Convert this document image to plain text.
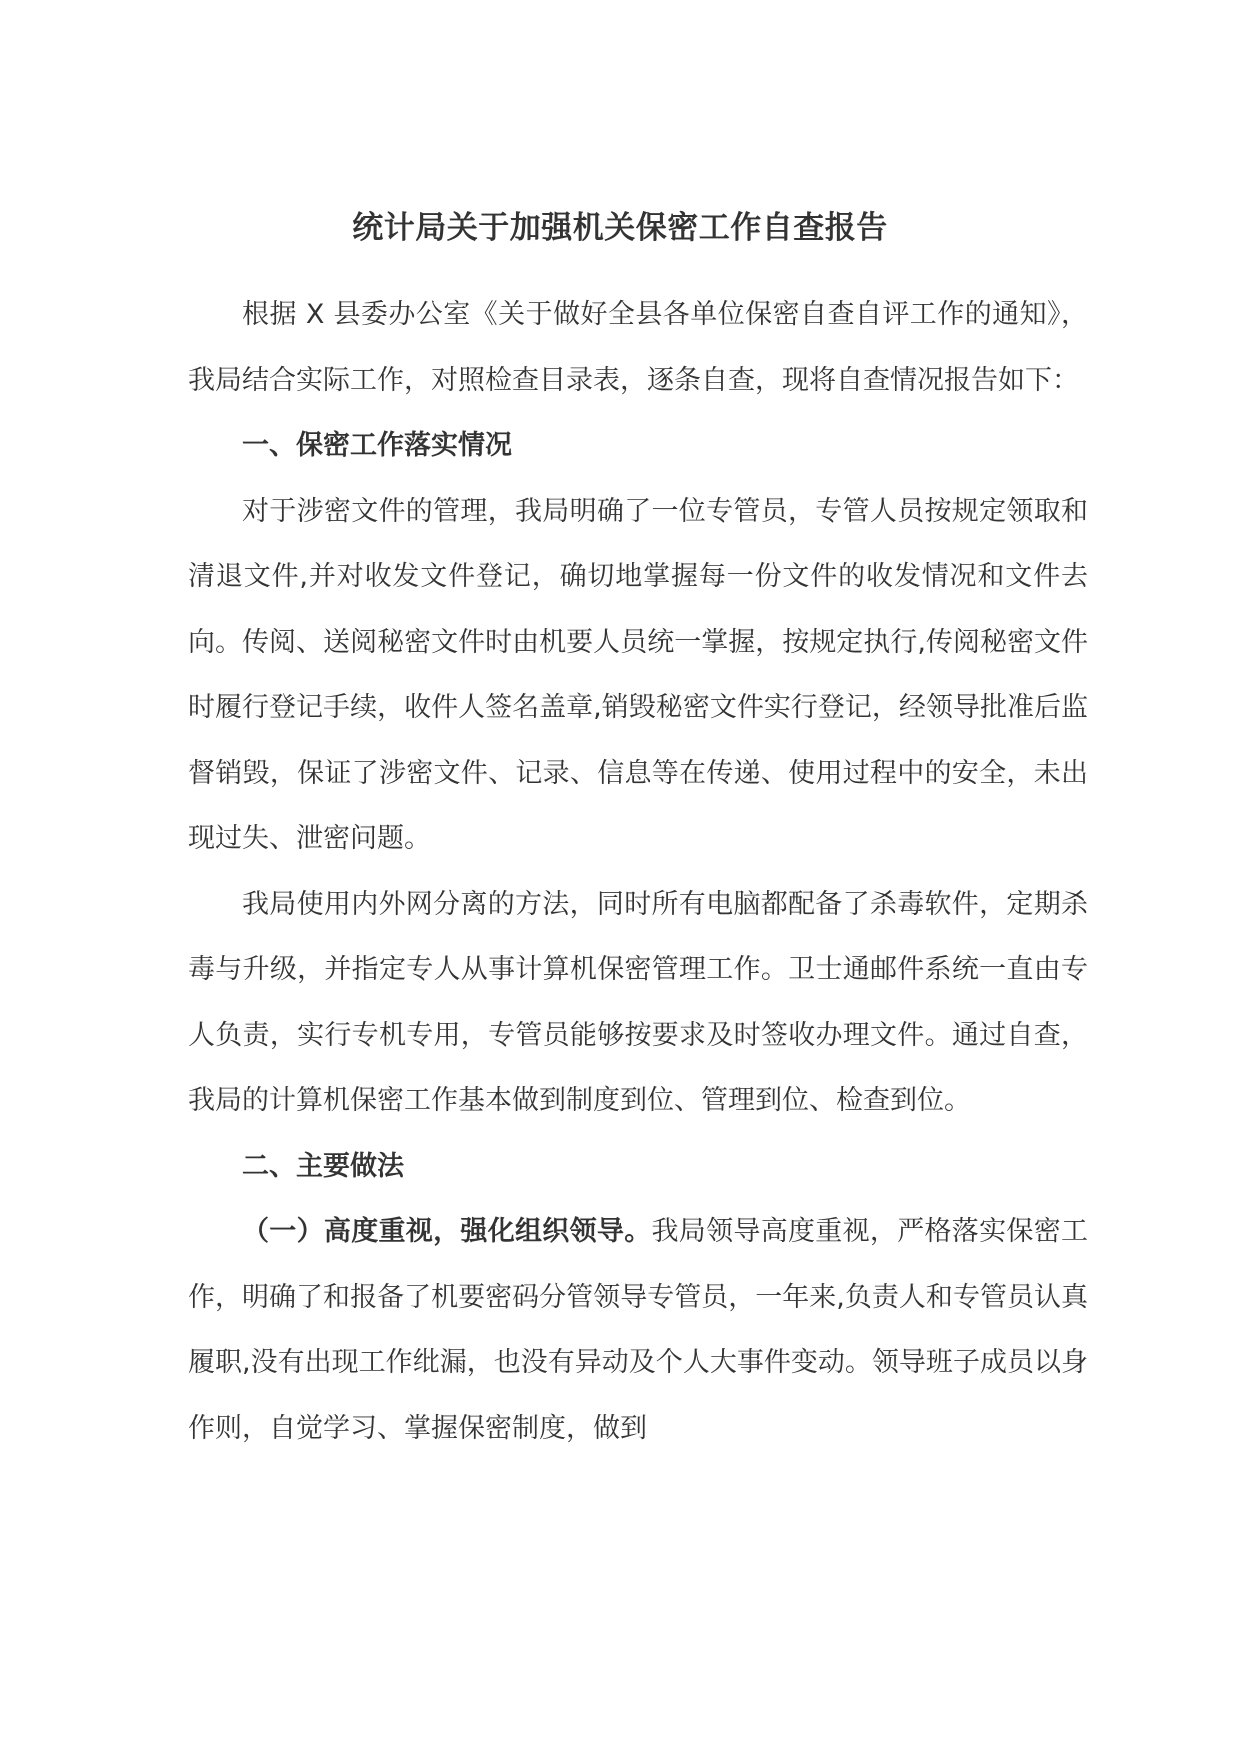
统计局关于加强机关保密工作自查报告

根据 X 县委办公室《关于做好全县各单位保密自查自评工作的通知》，我局结合实际工作，对照检查目录表，逐条自查，现将自查情况报告如下：

一、保密工作落实情况

对于涉密文件的管理，我局明确了一位专管员，专管人员按规定领取和清退文件,并对收发文件登记，确切地掌握每一份文件的收发情况和文件去向。传阅、送阅秘密文件时由机要人员统一掌握，按规定执行,传阅秘密文件时履行登记手续，收件人签名盖章,销毁秘密文件实行登记，经领导批准后监督销毁，保证了涉密文件、记录、信息等在传递、使用过程中的安全，未出现过失、泄密问题。

我局使用内外网分离的方法，同时所有电脑都配备了杀毒软件，定期杀毒与升级，并指定专人从事计算机保密管理工作。卫士通邮件系统一直由专人负责，实行专机专用，专管员能够按要求及时签收办理文件。通过自查，我局的计算机保密工作基本做到制度到位、管理到位、检查到位。

二、主要做法

（一）高度重视，强化组织领导。我局领导高度重视，严格落实保密工作，明确了和报备了机要密码分管领导专管员，一年来,负责人和专管员认真履职,没有出现工作纰漏，也没有异动及个人大事件变动。领导班子成员以身作则，自觉学习、掌握保密制度，做到
